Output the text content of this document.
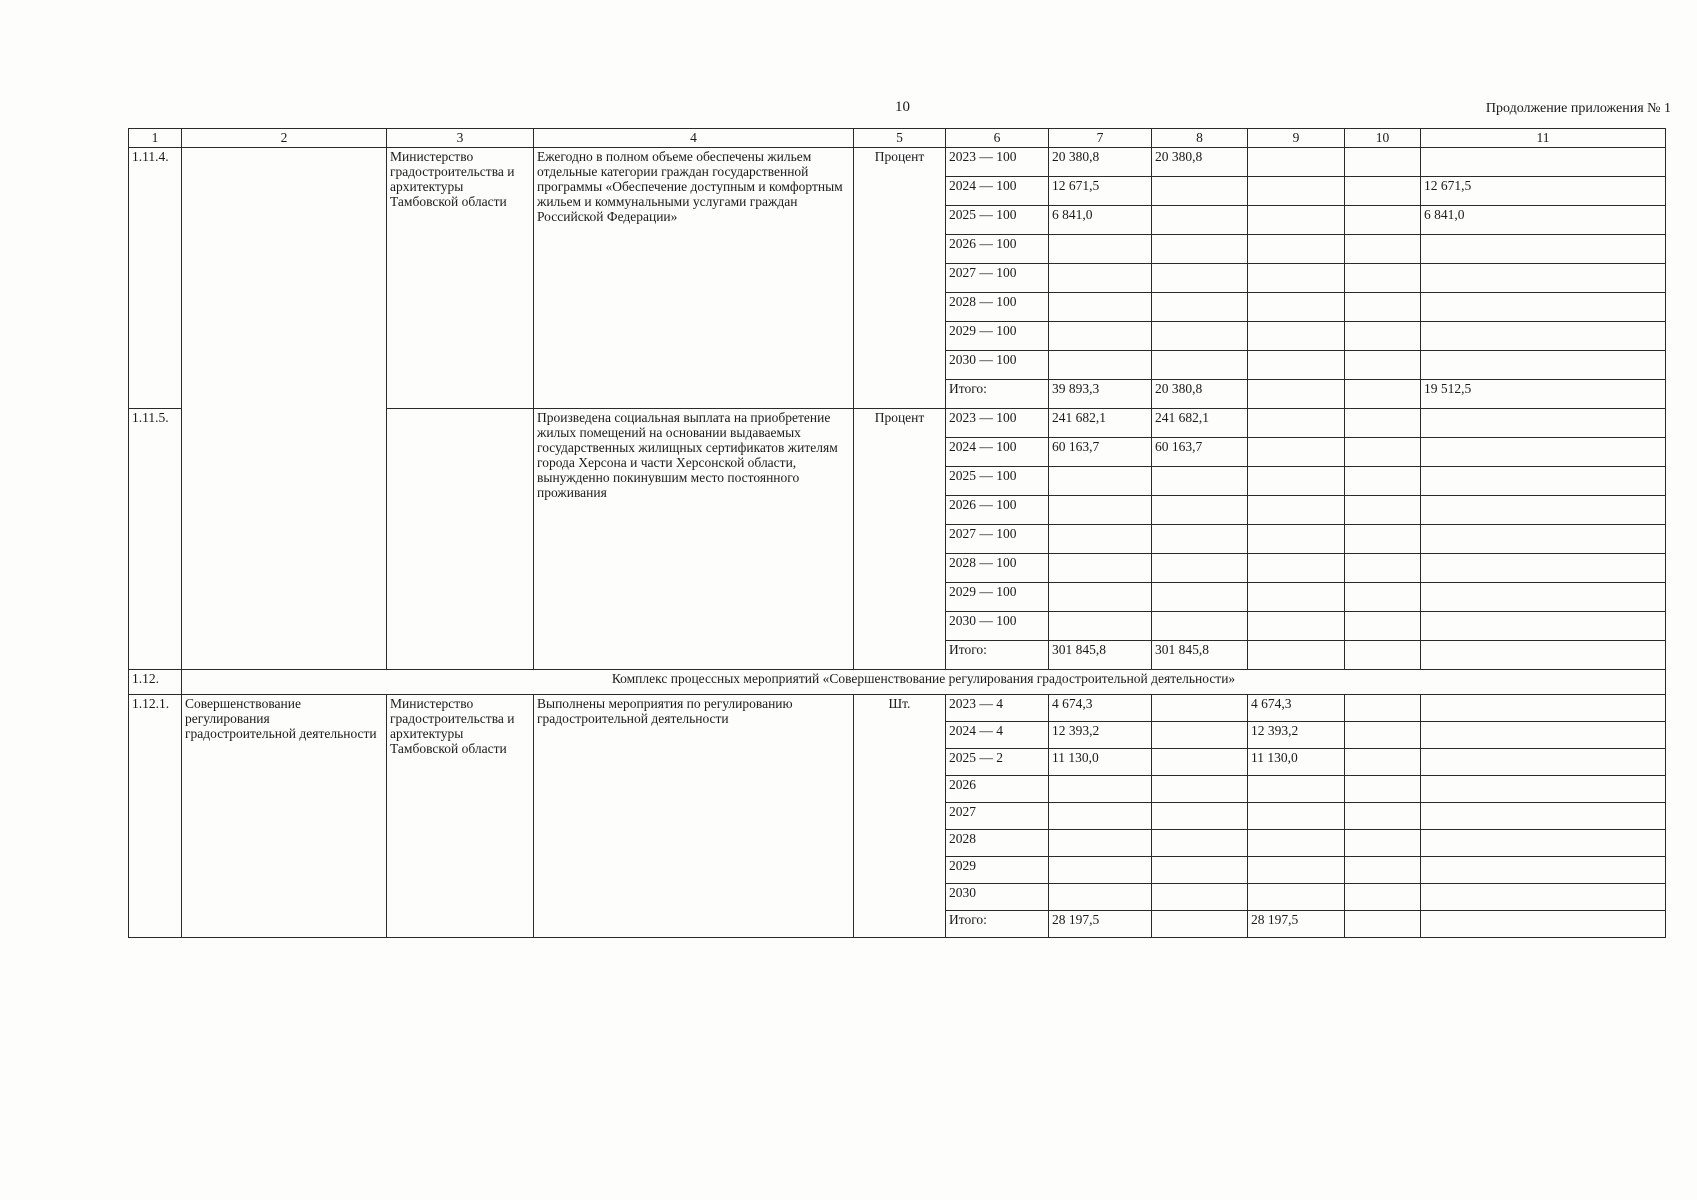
10	Продолжение приложения № 1
1	2	3	4	5	6	7	8	9	10	11
1.11.4.		Министерство градостроительства и архитектуры Тамбовской области	Ежегодно в полном объеме обеспечены жильем отдельные категории граждан государственной программы «Обеспечение доступным и комфортным жильем и коммунальными услугами граждан Российской Федерации»	Процент	2023 — 100	20 380,8	20 380,8			
					2024 — 100	12 671,5				12 671,5
					2025 — 100	6 841,0				6 841,0
					2026 — 100					
					2027 — 100					
					2028 — 100					
					2029 — 100					
					2030 — 100					
					Итого:	39 893,3	20 380,8			19 512,5
1.11.5.			Произведена социальная выплата на приобретение жилых помещений на основании выдаваемых государственных жилищных сертификатов жителям города Херсона и части Херсонской области, вынужденно покинувшим место постоянного проживания	Процент	2023 — 100	241 682,1	241 682,1			
					2024 — 100	60 163,7	60 163,7			
					2025 — 100					
					2026 — 100					
					2027 — 100					
					2028 — 100					
					2029 — 100					
					2030 — 100					
					Итого:	301 845,8	301 845,8			
1.12.	Комплекс процессных мероприятий «Совершенствование регулирования градостроительной деятельности»									
1.12.1.	Совершенствование регулирования градостроительной деятельности	Министерство градостроительства и архитектуры Тамбовской области	Выполнены мероприятия по регулированию градостроительной деятельности	Шт.	2023 — 4	4 674,3		4 674,3		
					2024 — 4	12 393,2		12 393,2		
					2025 — 2	11 130,0		11 130,0		
					2026					
					2027					
					2028					
					2029					
					2030					
					Итого:	28 197,5		28 197,5		
